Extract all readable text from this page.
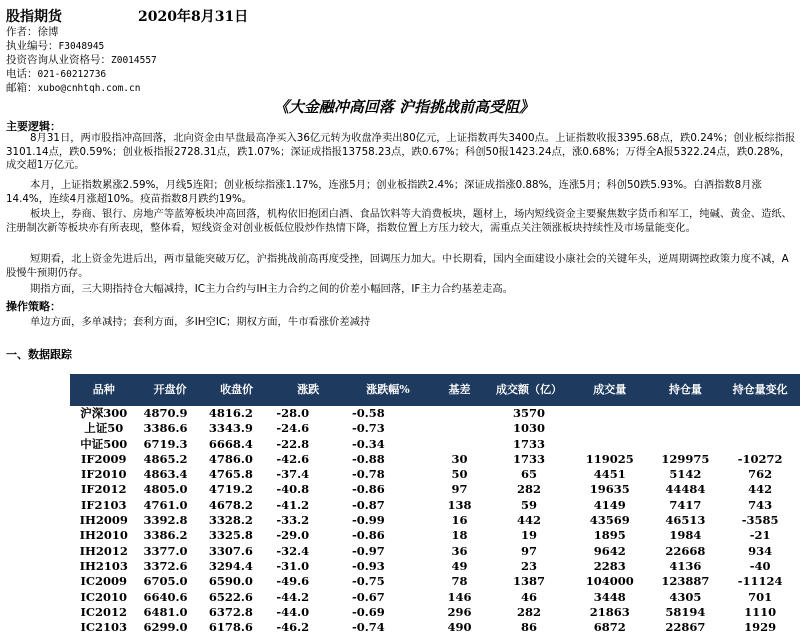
股指期货	2020年8月31日
作者：徐博
执业编号：F3048945
投资咨询从业资格号：Z0014557
电话：021-60212736
邮箱：xubo@cnhtqh.com.cn
《大金融冲高回落 沪指挑战前高受阻》
主要逻辑：
8月31日，两市股指冲高回落，北向资金由早盘最高净买入36亿元转为收盘净卖出80亿元，上证指数再失3400点。上证指数收报3395.68点，跌0.24%；创业板综指报3101.14点，跌0.59%；创业板指报2728.31点，跌1.07%；深证成指报13758.23点，跌0.67%；科创50报1423.24点，涨0.68%；万得全A报5322.24点，跌0.28%，成交超1万亿元。
本月，上证指数累涨2.59%，月线5连阳；创业板综指涨1.17%，连涨5月；创业板指跌2.4%；深证成指涨0.88%，连涨5月；科创50跌5.93%。白酒指数8月涨14.4%，连续4月涨超10%。疫苗指数8月跌约19%。
板块上，券商、银行、房地产等蓝筹板块冲高回落，机构依旧抱团白酒、食品饮料等大消费板块，题材上，场内短线资金主要聚焦数字货币和军工，纯碱、黄金、造纸、注册制次新等板块亦有所表现，整体看，短线资金对创业板低位股炒作热情下降，指数位置上方压力较大，需重点关注领涨板块持续性及市场量能变化。
短期看，北上资金先进后出，两市量能突破万亿，沪指挑战前高再度受挫，回调压力加大。中长期看，国内全面建设小康社会的关键年头，逆周期调控政策力度不减，A股慢牛预期仍存。
期指方面，三大期指持仓大幅减持，IC主力合约与IH主力合约之间的价差小幅回落，IF主力合约基差走高。
操作策略：
单边方面，多单减持；套利方面，多IH空IC；期权方面，牛市看涨价差减持
一、数据跟踪
品种	开盘价	收盘价	涨跌	涨跌幅%	基差	成交额（亿）	成交量	持仓量	持仓量变化
沪深300	4870.9	4816.2	-28.0	-0.58		3570			
上证50	3386.6	3343.9	-24.6	-0.73		1030			
中证500	6719.3	6668.4	-22.8	-0.34		1733			
IF2009	4865.2	4786.0	-42.6	-0.88	30	1733	119025	129975	-10272
IF2010	4863.4	4765.8	-37.4	-0.78	50	65	4451	5142	762
IF2012	4805.0	4719.2	-40.8	-0.86	97	282	19635	44484	442
IF2103	4761.0	4678.2	-41.2	-0.87	138	59	4149	7417	743
IH2009	3392.8	3328.2	-33.2	-0.99	16	442	43569	46513	-3585
IH2010	3386.2	3325.8	-29.0	-0.86	18	19	1895	1984	-21
IH2012	3377.0	3307.6	-32.4	-0.97	36	97	9642	22668	934
IH2103	3372.6	3294.4	-31.0	-0.93	49	23	2283	4136	-40
IC2009	6705.0	6590.0	-49.6	-0.75	78	1387	104000	123887	-11124
IC2010	6640.6	6522.6	-44.2	-0.67	146	46	3448	4305	701
IC2012	6481.0	6372.8	-44.0	-0.69	296	282	21863	58194	1110
IC2103	6299.0	6178.6	-46.2	-0.74	490	86	6872	22867	1929
